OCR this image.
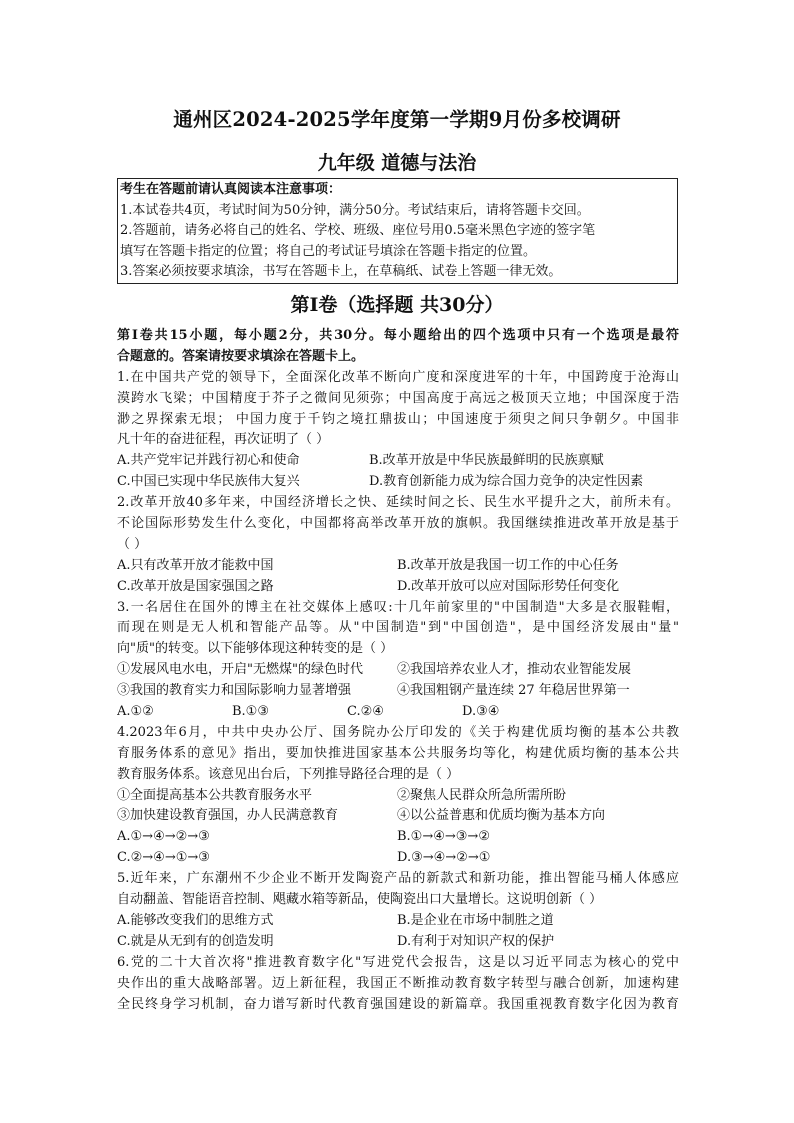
通州区2024-2025学年度第一学期9月份多校调研
九年级 道德与法治
考生在答题前请认真阅读本注意事项：
1.本试卷共4页，考试时间为50分钟，满分50分。考试结束后，请将答题卡交回。
2.答题前，请务必将自己的姓名、学校、班级、座位号用0.5毫米黑色字迹的签字笔
填写在答题卡指定的位置；将自己的考试证号填涂在答题卡指定的位置。
3.答案必须按要求填涂，书写在答题卡上，在草稿纸、试卷上答题一律无效。
第Ⅰ卷（选择题 共30分）
第Ⅰ卷共15小题，每小题2分，共30分。每小题给出的四个选项中只有一个选项是最符
合题意的。答案请按要求填涂在答题卡上。
1.在中国共产党的领导下，全面深化改革不断向广度和深度进军的十年，中国跨度于沧海山
漠跨水飞梁；中国精度于芥子之微间见须弥；中国高度于高远之极顶天立地；中国深度于浩
渺之界探索无垠； 中国力度于千钧之境扛鼎拔山；中国速度于须臾之间只争朝夕。中国非
凡十年的奋进征程，再次证明了（ ）
A.共产党牢记并践行初心和使命	B.改革开放是中华民族最鲜明的民族禀赋
C.中国已实现中华民族伟大复兴	D.教育创新能力成为综合国力竞争的决定性因素
2.改革开放40多年来，中国经济增长之快、延续时间之长、民生水平提升之大，前所未有。
不论国际形势发生什么变化，中国都将高举改革开放的旗帜。我国继续推进改革开放是基于
（ ）
A.只有改革开放才能救中国	B.改革开放是我国一切工作的中心任务
C.改革开放是国家强国之路	D.改革开放可以应对国际形势任何变化
3.一名居住在国外的博主在社交媒体上感叹:十几年前家里的"中国制造"大多是衣服鞋帽，
而现在则是无人机和智能产品等。从"中国制造"到"中国创造"，是中国经济发展由"量"
向"质"的转变。以下能够体现这种转变的是（ ）
①发展风电水电，开启"无燃煤"的绿色时代	②我国培养农业人才，推动农业智能发展
③我国的教育实力和国际影响力显著增强	④我国粗钢产量连续 27 年稳居世界第一
A.①②	B.①③	C.②④	D.③④
4.2023年6月，中共中央办公厅、国务院办公厅印发的《关于构建优质均衡的基本公共教
育服务体系的意见》指出，要加快推进国家基本公共服务均等化，构建优质均衡的基本公共
教育服务体系。该意见出台后，下列推导路径合理的是（ ）
①全面提高基本公共教育服务水平	②聚焦人民群众所急所需所盼
③加快建设教育强国，办人民满意教育	④以公益普惠和优质均衡为基本方向
A.①→④→②→③	B.①→④→③→②
C.②→④→①→③	D.③→④→②→①
5.近年来，广东潮州不少企业不断开发陶瓷产品的新款式和新功能，推出智能马桶人体感应
自动翻盖、智能语音控制、飓藏水箱等新品，使陶瓷出口大量增长。这说明创新（ ）
A.能够改变我们的思维方式	B.是企业在市场中制胜之道
C.就是从无到有的创造发明	D.有利于对知识产权的保护
6.党的二十大首次将"推进教育数字化"写进党代会报告，这是以习近平同志为核心的党中
央作出的重大战略部署。迈上新征程，我国正不断推动教育数字转型与融合创新，加速构建
全民终身学习机制，奋力谱写新时代教育强国建设的新篇章。我国重视教育数字化因为教育
